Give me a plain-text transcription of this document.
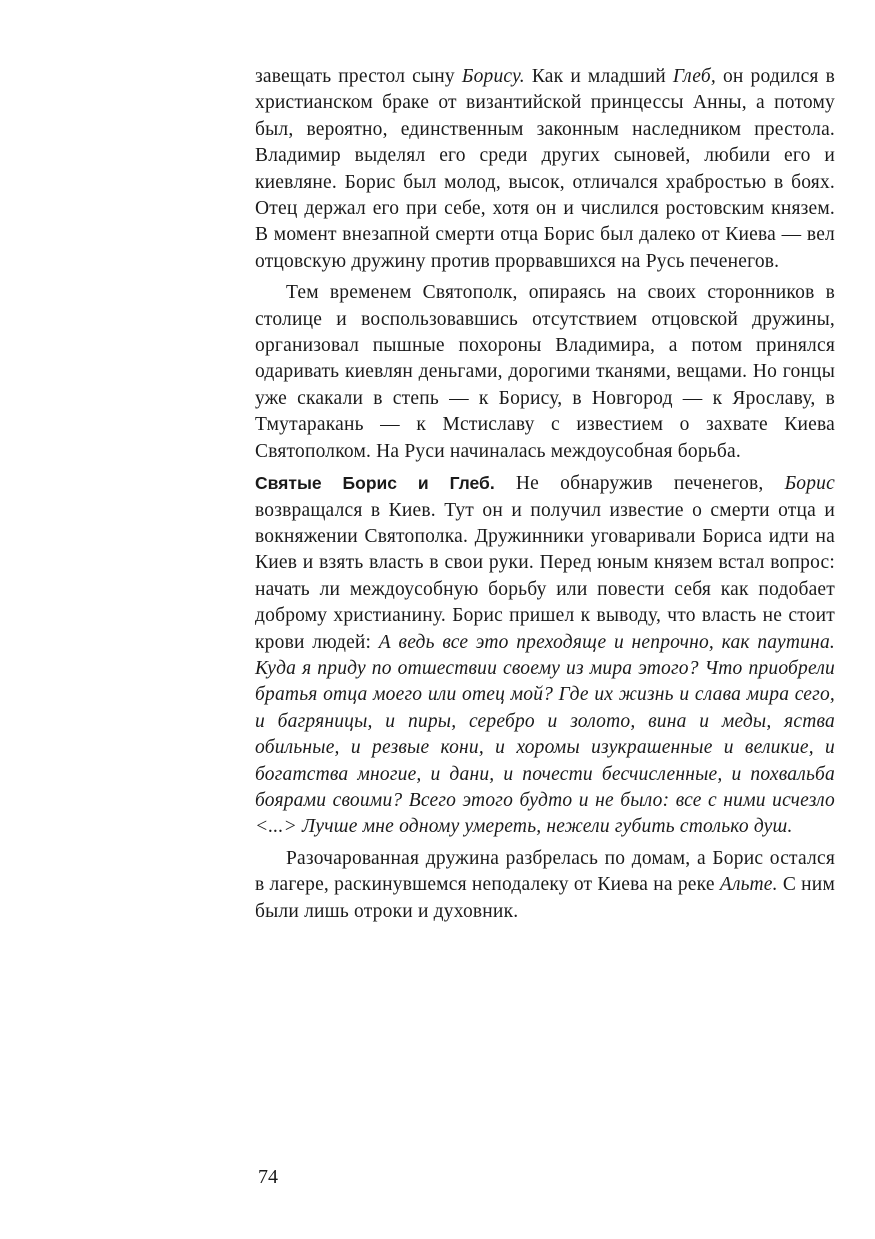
завещать престол сыну Борису. Как и младший Глеб, он родился в христианском браке от византийской принцессы Анны, а потому был, вероятно, единственным законным наследником престола. Владимир выделял его среди других сыновей, любили его и киевляне. Борис был молод, высок, отличался храбростью в боях. Отец держал его при себе, хотя он и числился ростовским князем. В момент внезапной смерти отца Борис был далеко от Киева — вел отцовскую дружину против прорвавшихся на Русь печенегов.

Тем временем Святополк, опираясь на своих сторонников в столице и воспользовавшись отсутствием отцовской дружины, организовал пышные похороны Владимира, а потом принялся одаривать киевлян деньгами, дорогими тканями, вещами. Но гонцы уже скакали в степь — к Борису, в Новгород — к Ярославу, в Тмутаракань — к Мстиславу с известием о захвате Киева Святополком. На Руси начиналась междоусобная борьба.

Святые Борис и Глеб. Не обнаружив печенегов, Борис возвращался в Киев. Тут он и получил известие о смерти отца и вокняжении Святополка. Дружинники уговаривали Бориса идти на Киев и взять власть в свои руки. Перед юным князем встал вопрос: начать ли междоусобную борьбу или повести себя как подобает доброму христианину. Борис пришел к выводу, что власть не стоит крови людей: А ведь все это преходяще и непрочно, как паутина. Куда я приду по отшествии своему из мира этого? Что приобрели братья отца моего или отец мой? Где их жизнь и слава мира сего, и багряницы, и пиры, серебро и золото, вина и меды, яства обильные, и резвые кони, и хоромы изукрашенные и великие, и богатства многие, и дани, и почести бесчисленные, и похвальба боярами своими? Всего этого будто и не было: все с ними исчезло <...> Лучше мне одному умереть, нежели губить столько душ.

Разочарованная дружина разбрелась по домам, а Борис остался в лагере, раскинувшемся неподалеку от Киева на реке Альте. С ним были лишь отроки и духовник.

74
